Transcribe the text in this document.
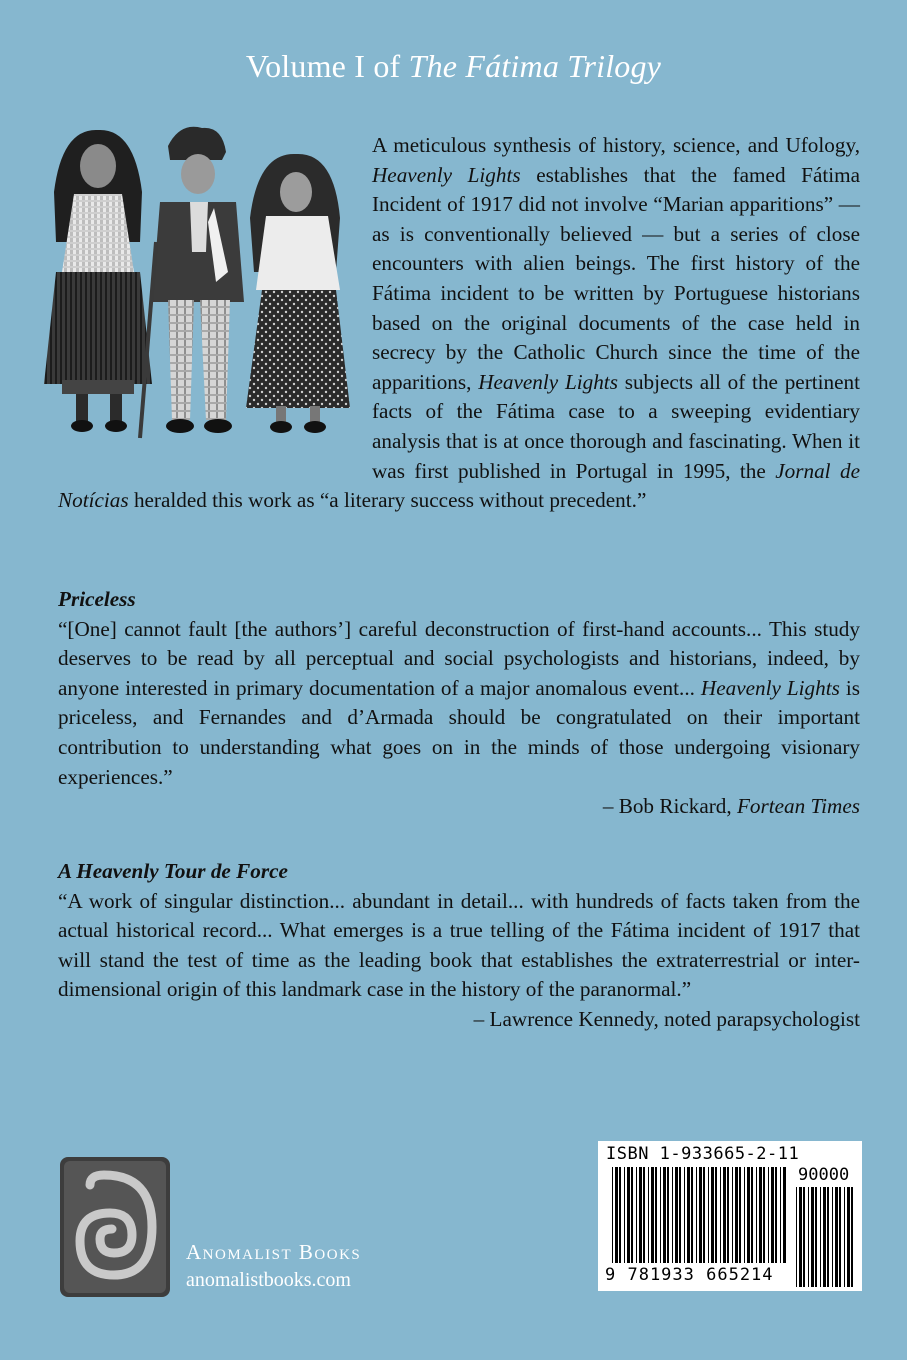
Volume I of The Fátima Trilogy
A meticulous synthesis of history, science, and Ufology, Heavenly Lights establishes that the famed Fátima Incident of 1917 did not involve “Marian apparitions” — as is conventionally believed — but a series of close encounters with alien beings. The first history of the Fátima incident to be written by Portuguese historians based on the original documents of the case held in secrecy by the Catholic Church since the time of the apparitions, Heavenly Lights subjects all of the pertinent facts of the Fátima case to a sweeping evidentiary analysis that is at once thorough and fascinating. When it was first published in Portugal in 1995, the Jornal de Notícias heralded this work as “a literary success without precedent.”
Priceless
“[One] cannot fault [the authors’] careful deconstruction of first-hand accounts... This study deserves to be read by all perceptual and social psychologists and historians, indeed, by anyone interested in primary documentation of a major anomalous event... Heavenly Lights is priceless, and Fernandes and d’Armada should be congratulated on their important contribution to understanding what goes on in the minds of those undergoing visionary experiences.”
– Bob Rickard, Fortean Times
A Heavenly Tour de Force
“A work of singular distinction... abundant in detail... with hundreds of facts taken from the actual historical record... What emerges is a true telling of the Fátima incident of 1917 that will stand the test of time as the leading book that establishes the extraterrestrial or inter-dimensional origin of this landmark case in the history of the paranormal.”
– Lawrence Kennedy, noted parapsychologist
Anomalist Books
anomalistbooks.com
ISBN 1-933665-2-11
90000
9 781933 665214
